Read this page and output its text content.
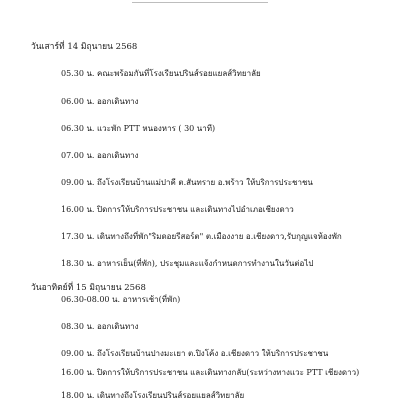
วันเสาร์ที่ 14 มิถุนายน 2568
05.30 น. คณะพร้อมกันที่โรงเรียนปรินส์รอยแยลส์วิทยาลัย
06.00 น. ออกเดินทาง
06.30 น. แวะพัก PTT หนองหาร ( 30 นาที)
07.00 น. ออกเดินทาง
09.00 น. ถึงโรงเรียนบ้านแม่ปาคี ต.สันทราย อ.พร้าว ให้บริการประชาชน
16.00 น. ปิดการให้บริการประชาชน และเดินทางไปอำเภอเชียงดาว
17.30 น. เดินทางถึงที่พัก"ริมดอยรีสอร์ต" ต.เมืองงาย อ.เชียงดาว,รับกุญแจห้องพัก
18.30 น. อาหารเย็น(ที่พัก), ประชุมและแจ้งกำหนดการทำงานในวันต่อไป
วันอาทิตย์ที่ 15 มิถุนายน 2568
06.30-08.00 น. อาหารเช้า(ที่พัก)
08.30 น. ออกเดินทาง
09.00 น. ถึงโรงเรียนบ้านปางมะเยา ต.ปิงโค้ง อ.เชียงดาว ให้บริการประชาชน
16.00 น. ปิดการให้บริการประชาชน และเดินทางกลับ(ระหว่างทางแวะ PTT เชียงดาว)
18.00 น. เดินทางถึงโรงเรียนปรินส์รอยแยลส์วิทยาลัย
